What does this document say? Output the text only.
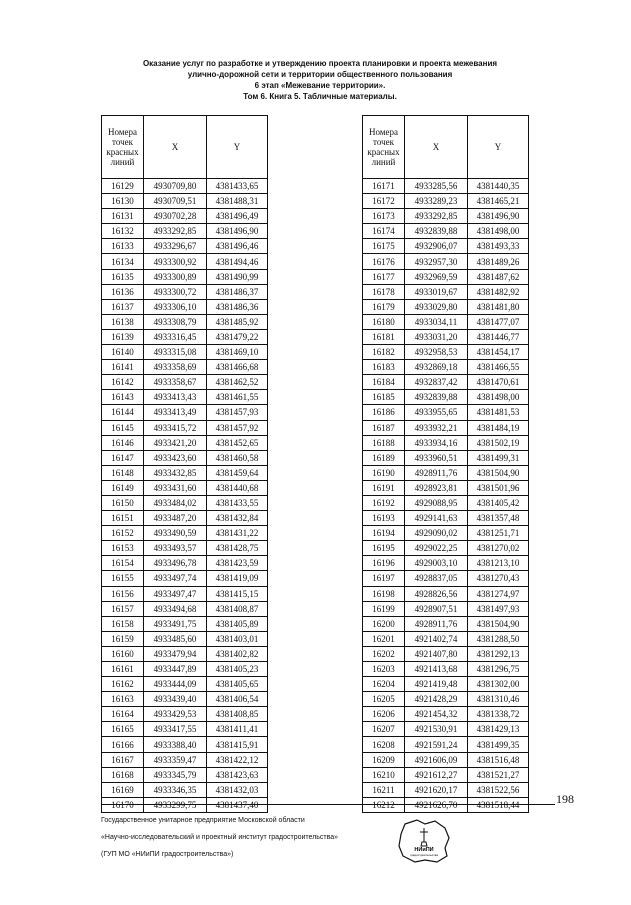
Оказание услуг по разработке и утверждению проекта планировки и проекта межевания
улично-дорожной сети и территории общественного пользования
6 этап «Межевание территории».
Том 6. Книга 5. Табличные материалы.
Номера точек красных линий	X	Y
16129	4930709,80	4381433,65
16130	4930709,51	4381488,31
16131	4930702,28	4381496,49
16132	4933292,85	4381496,90
16133	4933296,67	4381496,46
16134	4933300,92	4381494,46
16135	4933300,89	4381490,99
16136	4933300,72	4381486,37
16137	4933306,10	4381486,36
16138	4933308,79	4381485,92
16139	4933316,45	4381479,22
16140	4933315,08	4381469,10
16141	4933358,69	4381466,68
16142	4933358,67	4381462,52
16143	4933413,43	4381461,55
16144	4933413,49	4381457,93
16145	4933415,72	4381457,92
16146	4933421,20	4381452,65
16147	4933423,60	4381460,58
16148	4933432,85	4381459,64
16149	4933431,60	4381440,68
16150	4933484,02	4381433,55
16151	4933487,20	4381432,84
16152	4933490,59	4381431,22
16153	4933493,57	4381428,75
16154	4933496,78	4381423,59
16155	4933497,74	4381419,09
16156	4933497,47	4381415,15
16157	4933494,68	4381408,87
16158	4933491,75	4381405,89
16159	4933485,60	4381403,01
16160	4933479,94	4381402,82
16161	4933447,89	4381405,23
16162	4933444,09	4381405,65
16163	4933439,40	4381406,54
16164	4933429,53	4381408,85
16165	4933417,55	4381411,41
16166	4933388,40	4381415,91
16167	4933359,47	4381422,12
16168	4933345,79	4381423,63
16169	4933346,35	4381432,03
16170	4933299,75	4381437,40
Номера точек красных линий	X	Y
16171	4933285,56	4381440,35
16172	4933289,23	4381465,21
16173	4933292,85	4381496,90
16174	4932839,88	4381498,00
16175	4932906,07	4381493,33
16176	4932957,30	4381489,26
16177	4932969,59	4381487,62
16178	4933019,67	4381482,92
16179	4933029,80	4381481,80
16180	4933034,11	4381477,07
16181	4933031,20	4381446,77
16182	4932958,53	4381454,17
16183	4932869,18	4381466,55
16184	4932837,42	4381470,61
16185	4932839,88	4381498,00
16186	4933955,65	4381481,53
16187	4933932,21	4381484,19
16188	4933934,16	4381502,19
16189	4933960,51	4381499,31
16190	4928911,76	4381504,90
16191	4928923,81	4381501,96
16192	4929088,95	4381405,42
16193	4929141,63	4381357,48
16194	4929090,02	4381251,71
16195	4929022,25	4381270,02
16196	4929003,10	4381213,10
16197	4928837,05	4381270,43
16198	4928826,56	4381274,97
16199	4928907,51	4381497,93
16200	4928911,76	4381504,90
16201	4921402,74	4381288,50
16202	4921407,80	4381292,13
16203	4921413,68	4381296,75
16204	4921419,48	4381302,00
16205	4921428,29	4381310,46
16206	4921454,32	4381338,72
16207	4921530,91	4381429,13
16208	4921591,24	4381499,35
16209	4921606,09	4381516,48
16210	4921612,27	4381521,27
16211	4921620,17	4381522,56
16212	4921626,70	4381518,44	198
Государственное унитарное предприятие Московской области
«Научно-исследовательский и проектный институт градостроительства»
(ГУП МО «НИиПИ градостроительства»)
НИиПИ
градостроительства
